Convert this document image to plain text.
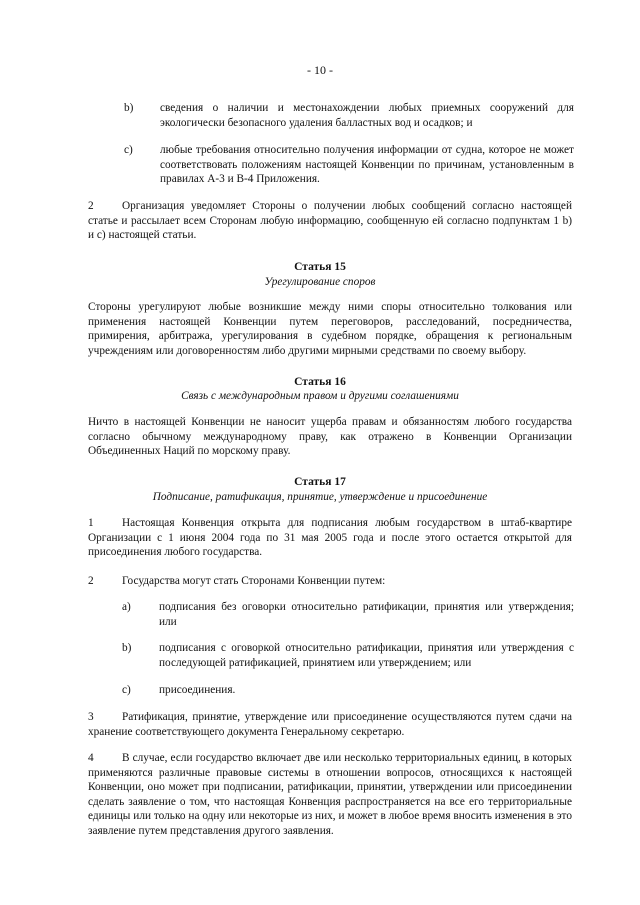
- 10 -
b)	сведения о наличии и местонахождении любых приемных сооружений для экологически безопасного удаления балластных вод и осадков; и
c)	любые требования относительно получения информации от судна, которое не может соответствовать положениям настоящей Конвенции по причинам, установленным в правилах А-3 и В-4 Приложения.
2	Организация уведомляет Стороны о получении любых сообщений согласно настоящей статье и рассылает всем Сторонам любую информацию, сообщенную ей согласно подпунктам 1 b) и c) настоящей статьи.
Статья 15
Урегулирование споров
Стороны урегулируют любые возникшие между ними споры относительно толкования или применения настоящей Конвенции путем переговоров, расследований, посредничества, примирения, арбитража, урегулирования в судебном порядке, обращения к региональным учреждениям или договоренностям либо другими мирными средствами по своему выбору.
Статья 16
Связь с международным правом и другими соглашениями
Ничто в настоящей Конвенции не наносит ущерба правам и обязанностям любого государства согласно обычному международному праву, как отражено в Конвенции Организации Объединенных Наций по морскому праву.
Статья 17
Подписание, ратификация, принятие, утверждение и присоединение
1	Настоящая Конвенция открыта для подписания любым государством в штаб-квартире Организации с 1 июня 2004 года по 31 мая 2005 года и после этого остается открытой для присоединения любого государства.
2	Государства могут стать Сторонами Конвенции путем:
a)	подписания без оговорки относительно ратификации, принятия или утверждения; или
b)	подписания с оговоркой относительно ратификации, принятия или утверждения с последующей ратификацией, принятием или утверждением; или
c)	присоединения.
3	Ратификация, принятие, утверждение или присоединение осуществляются путем сдачи на хранение соответствующего документа Генеральному секретарю.
4	В случае, если государство включает две или несколько территориальных единиц, в которых применяются различные правовые системы в отношении вопросов, относящихся к настоящей Конвенции, оно может при подписании, ратификации, принятии, утверждении или присоединении сделать заявление о том, что настоящая Конвенция распространяется на все его территориальные единицы или только на одну или некоторые из них, и может в любое время вносить изменения в это заявление путем представления другого заявления.
